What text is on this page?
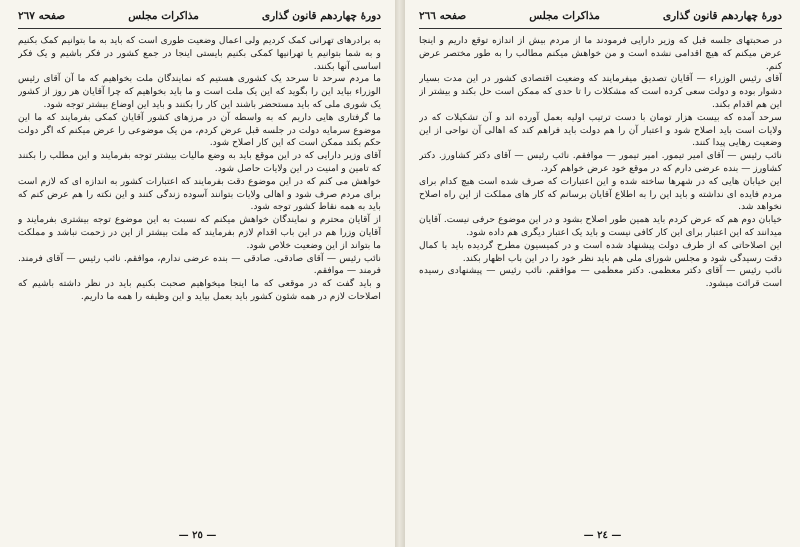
دورهٔ چهاردهم قانون گذاری
مذاکرات مجلس
صفحه ٢٦٧

به برادرهای تهرانی کمک کردیم ولی اعمال وضعیت طوری است که باید به ما بتوانیم کمک بکنیم و به شما بتوانیم یا تهرانیها کمکی بکنیم بایستی اینجا در جمع کشور در فکر باشیم و یک فکر اساسی آنها بکنند.

ما مردم سرحد تا سرحد یک کشوری هستیم که نمایندگان ملت بخواهیم که ما آن آقای رئیس الوزراء بیاید این را بگوید که این یک ملت است و ما باید بخواهیم که چرا آقایان هر روز از کشور یک شوری ملی که باید مستحضر باشند این کار را بکنند و باید این اوضاع بیشتر توجه شود.

ما گرفتاری هایی داریم که به واسطه آن در مرزهای کشور آقایان کمکی بفرمایند که ما این موضوع سرمایه دولت در جلسه قبل عرض کردم، من یک موضوعی را عرض میکنم که اگر دولت حکم بکند ممکن است که این کار اصلاح شود.

آقای وزیر دارایی که در این موقع باید به وضع مالیات بیشتر توجه بفرمایند و این مطلب را بکنند که تامین و امنیت در این ولایات حاصل شود.

خواهش می کنم که در این موضوع دقت بفرمایند که اعتبارات کشور به اندازه ای که لازم است برای مردم صرف شود و اهالی ولایات بتوانند آسوده زندگی کنند و این نکته را هم عرض کنم که باید به همه نقاط کشور توجه شود.

از آقایان محترم و نمایندگان خواهش میکنم که نسبت به این موضوع توجه بیشتری بفرمایند و آقایان وزرا هم در این باب اقدام لازم بفرمایند که ملت بیشتر از این در زحمت نباشد و مملکت ما بتواند از این وضعیت خلاص شود.

نائب رئیس — آقای صادقی. صادقی — بنده عرضی ندارم، موافقم. نائب رئیس — آقای فرمند. فرمند — موافقم.

و باید گفت که در موقعی که ما اینجا میخواهیم صحبت بکنیم باید در نظر داشته باشیم که اصلاحات لازم در همه شئون کشور باید بعمل بیاید و این وظیفه را همه ما داریم.

— ٢٥ —
دورهٔ چهاردهم قانون گذاری
مذاکرات مجلس
صفحه ٢٦٦

در صحبتهای جلسه قبل که وزیر دارایی فرمودند ما از مردم بیش از اندازه توقع داریم و اینجا عرض میکنم که هیچ اقدامی نشده است و من خواهش میکنم مطالب را به طور مختصر عرض کنم.

آقای رئیس الوزراء — آقایان تصدیق میفرمایند که وضعیت اقتصادی کشور در این مدت بسیار دشوار بوده و دولت سعی کرده است که مشکلات را تا حدی که ممکن است حل بکند و بیشتر از این هم اقدام بکند.

سرحد آمده که بیست هزار تومان با دست ترتیب اولیه بعمل آورده اند و آن تشکیلات که در ولایات است باید اصلاح شود و اعتبار آن را هم دولت باید فراهم کند که اهالی آن نواحی از این وضعیت رهایی پیدا کنند.

نائب رئیس — آقای امیر تیمور. امیر تیمور — موافقم. نائب رئیس — آقای دکتر کشاورز. دکتر کشاورز — بنده عرضی دارم که در موقع خود عرض خواهم کرد.

این خیابان هایی که در شهرها ساخته شده و این اعتبارات که صرف شده است هیچ کدام برای مردم فایده ای نداشته و باید این را به اطلاع آقایان برسانم که کار های مملکت از این راه اصلاح نخواهد شد.

خیابان دوم هم که عرض کردم باید همین طور اصلاح بشود و در این موضوع حرفی نیست. آقایان میدانند که این اعتبار برای این کار کافی نیست و باید یک اعتبار دیگری هم داده شود.

این اصلاحاتی که از طرف دولت پیشنهاد شده است و در کمیسیون مطرح گردیده باید با کمال دقت رسیدگی شود و مجلس شورای ملی هم باید نظر خود را در این باب اظهار بکند.

نائب رئیس — آقای دکتر معظمی. دکتر معظمی — موافقم. نائب رئیس — پیشنهادی رسیده است قرائت میشود.

— ٢٤ —
